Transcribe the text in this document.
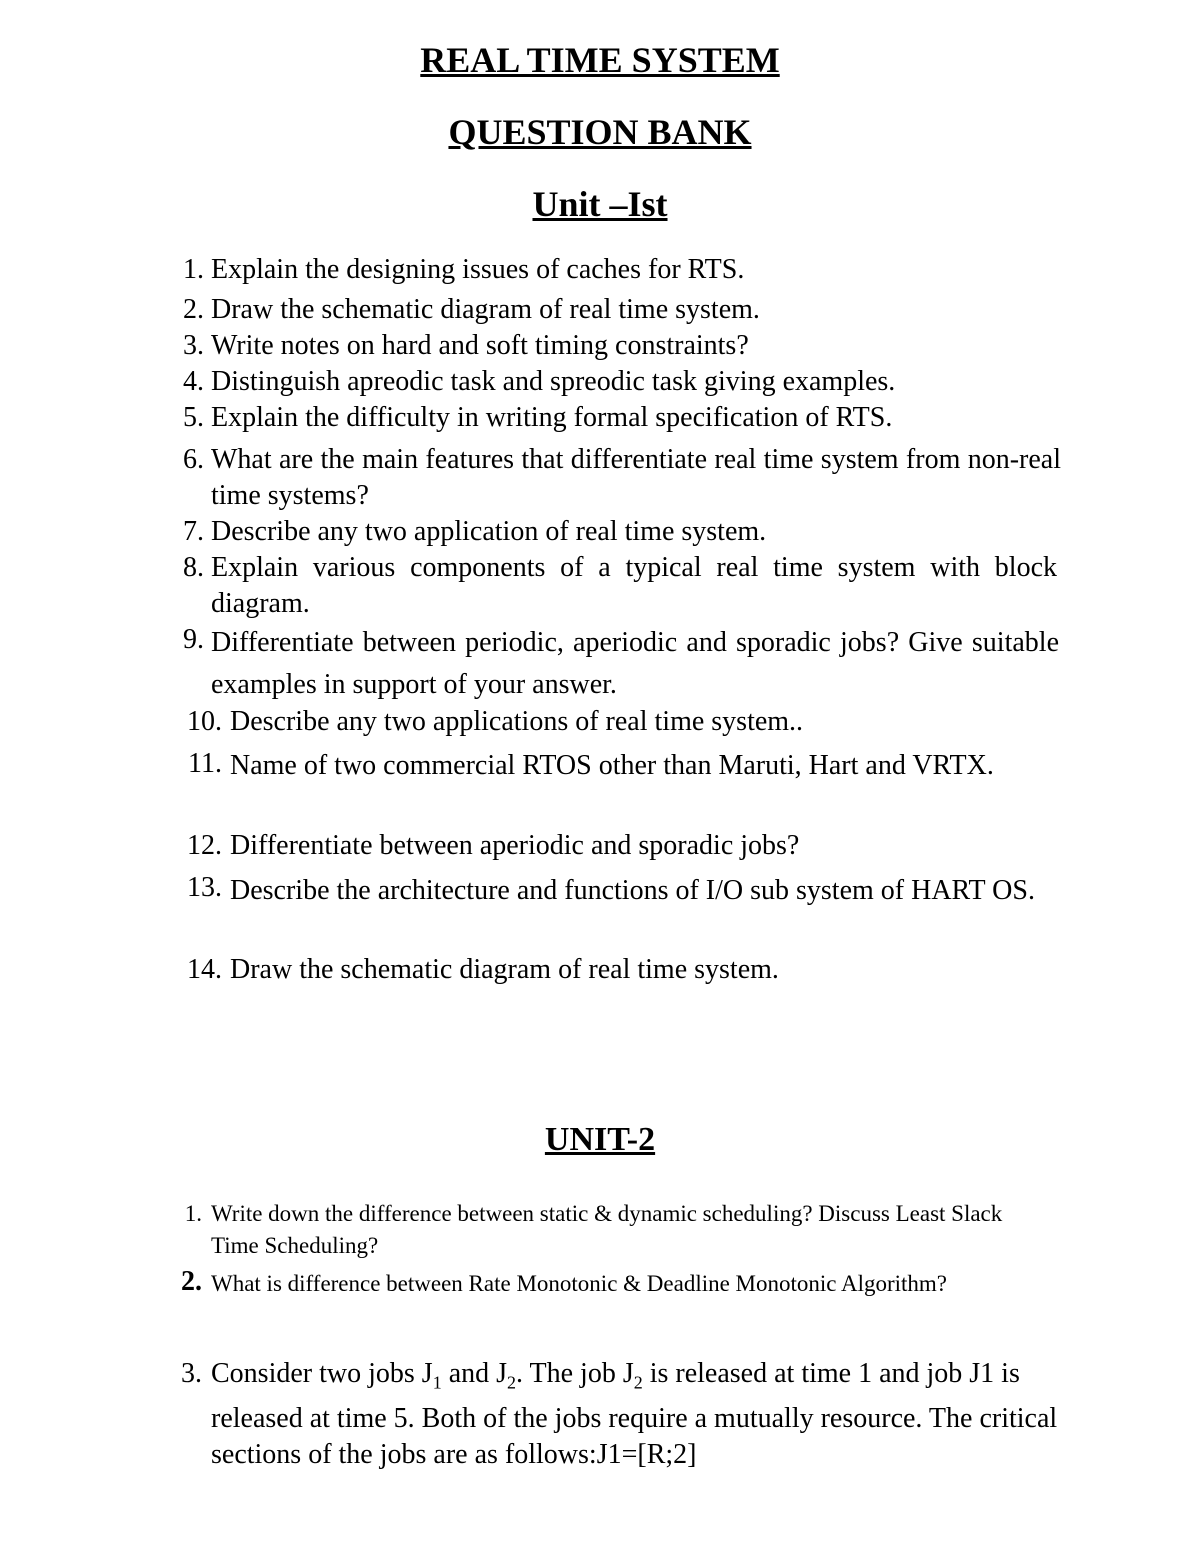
REAL TIME SYSTEM
QUESTION BANK
Unit –Ist
1. Explain the designing issues of caches for RTS.
2. Draw the schematic diagram of real time system.
3. Write notes on hard and soft timing constraints?
4. Distinguish apreodic task and spreodic task giving examples.
5. Explain the difficulty in writing formal specification of RTS.
6. What are the main features that differentiate real time system from non-real time systems?
7. Describe any two application of real time system.
8. Explain various components of a typical real time system with block diagram.
9. Differentiate between periodic, aperiodic and sporadic jobs? Give suitable examples in support of your answer.
10. Describe any two applications of real time system..
11. Name of two commercial RTOS other than Maruti, Hart and VRTX.
12. Differentiate between aperiodic and sporadic jobs?
13. Describe the architecture and functions of I/O sub system of HART OS.
14. Draw the schematic diagram of real time system.
UNIT-2
1. Write down the difference between static & dynamic scheduling? Discuss Least Slack Time Scheduling?
2. What is difference between Rate Monotonic & Deadline Monotonic Algorithm?
3. Consider two jobs $J_1$ and $J_2$. The job $J_2$ is released at time 1 and job J1 is released at time 5. Both of the jobs require a mutually resource. The critical sections of the jobs are as follows:J1=[R;2]
